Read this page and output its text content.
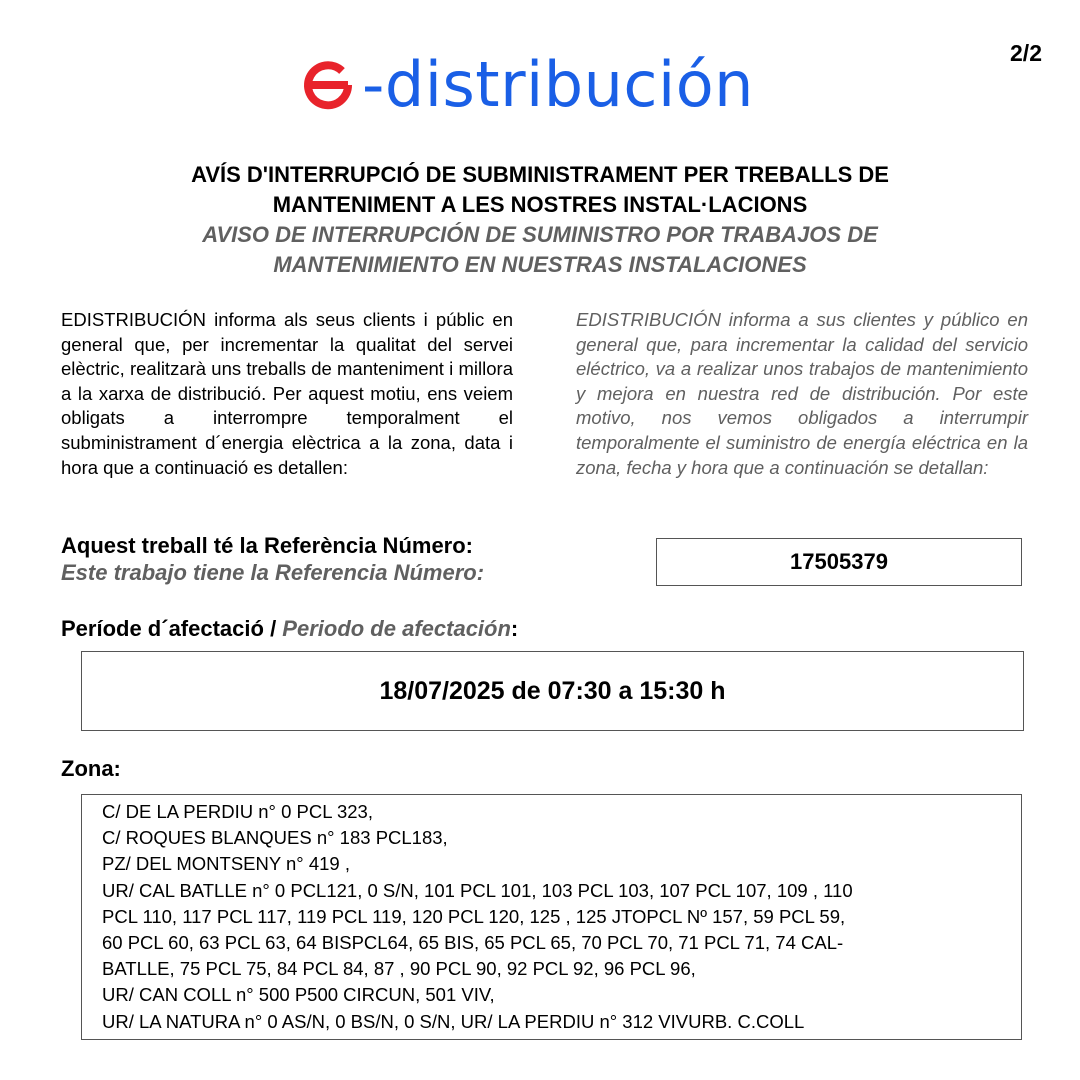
2/2
-distribución
AVÍS D'INTERRUPCIÓ DE SUBMINISTRAMENT PER TREBALLS DE
MANTENIMENT A LES NOSTRES INSTAL·LACIONS
AVISO DE INTERRUPCIÓN DE SUMINISTRO POR TRABAJOS DE
MANTENIMIENTO EN NUESTRAS INSTALACIONES
EDISTRIBUCIÓN informa als seus clients i públic en general que, per incrementar la qualitat del servei elèctric, realitzarà uns treballs de manteniment i millora a la xarxa de distribució. Per aquest motiu, ens veiem obligats a interrompre temporalment el subministrament d´energia elèctrica a la zona, data i hora que a continuació es detallen:
EDISTRIBUCIÓN informa a sus clientes y público en general que, para incrementar la calidad del servicio eléctrico, va a realizar unos trabajos de mantenimiento y mejora en nuestra red de distribución. Por este motivo, nos vemos obligados a interrumpir temporalmente el suministro de energía eléctrica en la zona, fecha y hora que a continuación se detallan:
Aquest treball té la Referència Número:
Este trabajo tiene la Referencia Número:	17505379
Període d´afectació / Periodo de afectación:
18/07/2025 de 07:30 a 15:30 h
Zona:
C/ DE LA PERDIU n° 0 PCL 323,
C/ ROQUES BLANQUES n° 183 PCL183,
PZ/ DEL MONTSENY n° 419 ,
UR/ CAL BATLLE n° 0 PCL121, 0 S/N, 101 PCL 101, 103 PCL 103, 107 PCL 107, 109 , 110
PCL 110, 117 PCL 117, 119 PCL 119, 120 PCL 120, 125 , 125 JTOPCL Nº 157, 59 PCL 59,
60 PCL 60, 63 PCL 63, 64 BISPCL64, 65 BIS, 65 PCL 65, 70 PCL 70, 71 PCL 71, 74 CAL-
BATLLE, 75 PCL 75, 84 PCL 84, 87 , 90 PCL 90, 92 PCL 92, 96 PCL 96,
UR/ CAN COLL n° 500 P500 CIRCUN, 501 VIV,
UR/ LA NATURA n° 0 AS/N, 0 BS/N, 0 S/N, UR/ LA PERDIU n° 312 VIVURB. C.COLL
